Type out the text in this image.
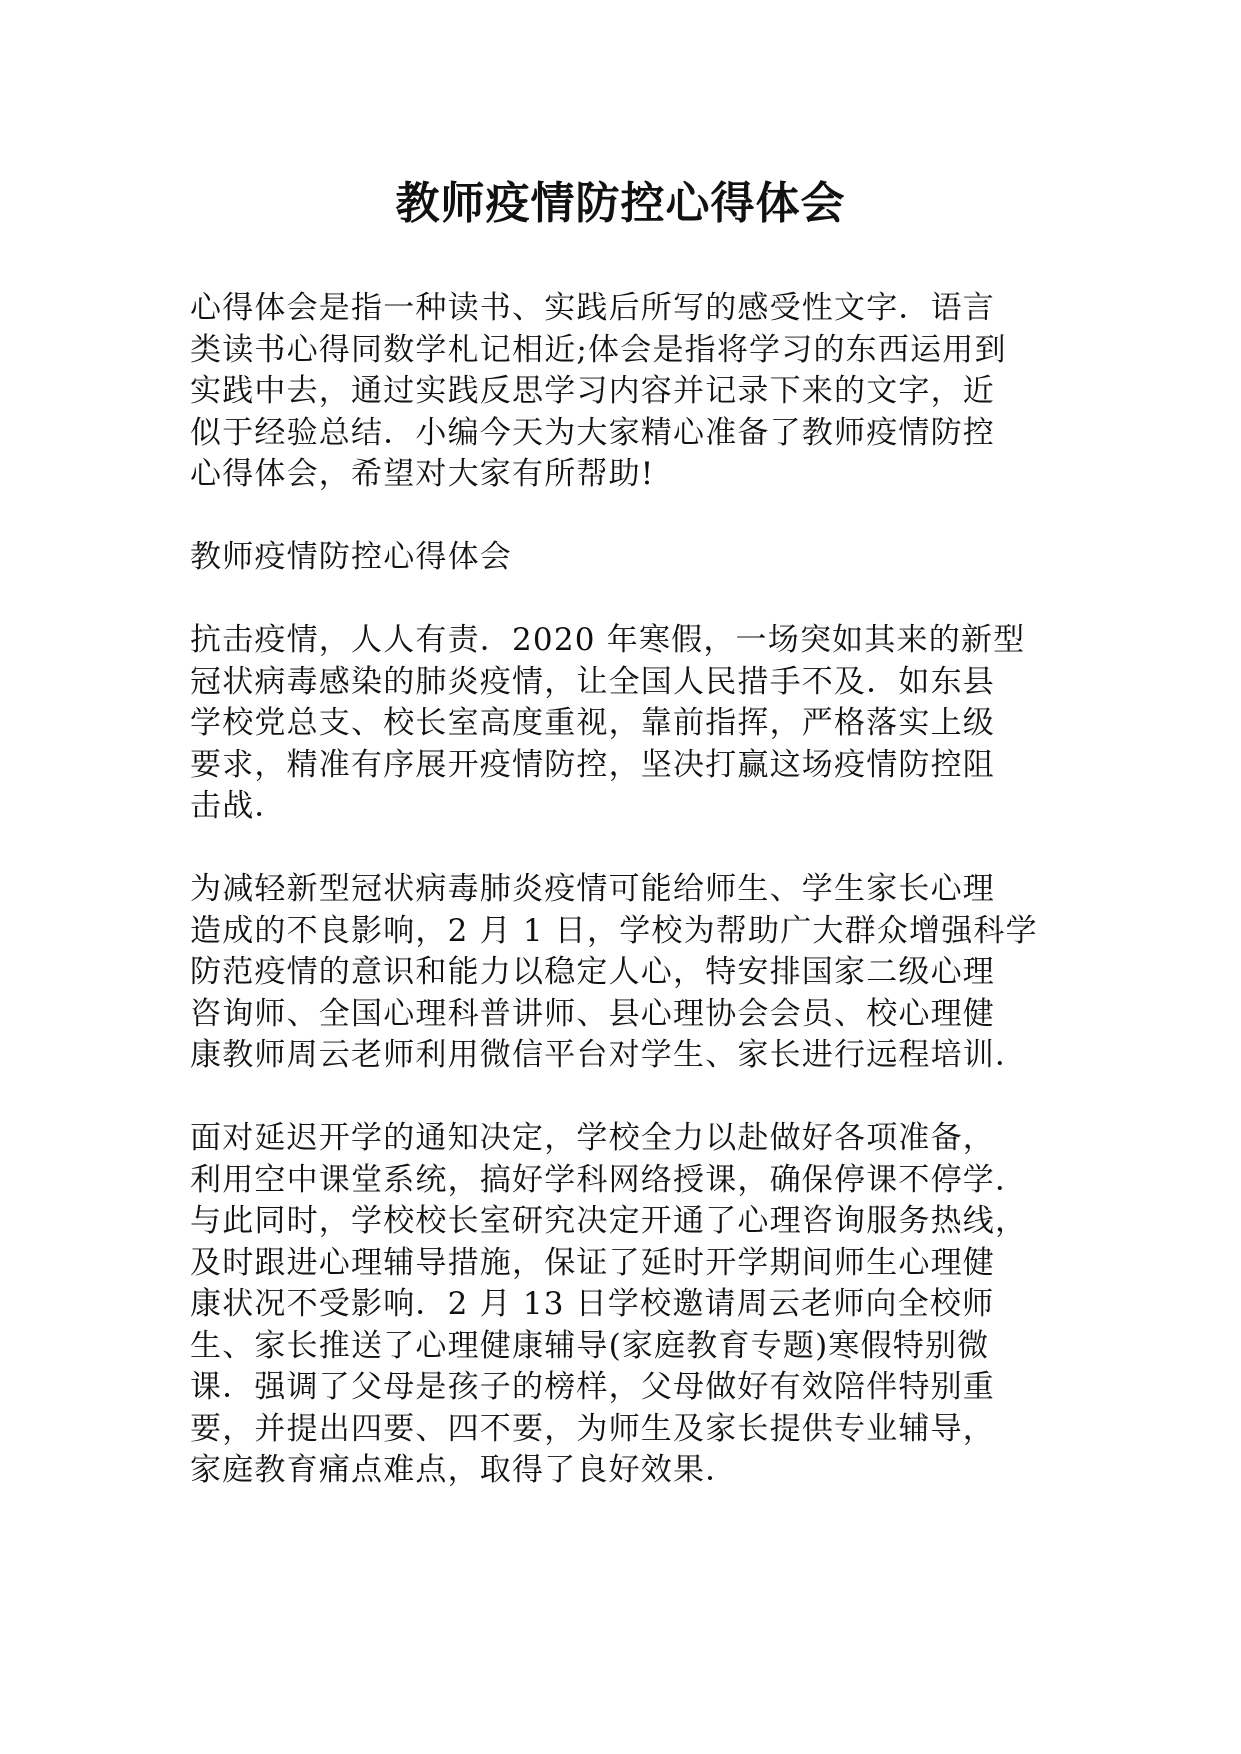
教师疫情防控心得体会

心得体会是指一种读书、实践后所写的感受性文字．语言
类读书心得同数学札记相近;体会是指将学习的东西运用到
实践中去，通过实践反思学习内容并记录下来的文字，近
似于经验总结．小编今天为大家精心准备了教师疫情防控
心得体会，希望对大家有所帮助!

教师疫情防控心得体会

抗击疫情，人人有责．2020 年寒假，一场突如其来的新型
冠状病毒感染的肺炎疫情，让全国人民措手不及．如东县
学校党总支、校长室高度重视，靠前指挥，严格落实上级
要求，精准有序展开疫情防控，坚决打赢这场疫情防控阻
击战．

为减轻新型冠状病毒肺炎疫情可能给师生、学生家长心理
造成的不良影响，2 月 1 日，学校为帮助广大群众增强科学
防范疫情的意识和能力以稳定人心，特安排国家二级心理
咨询师、全国心理科普讲师、县心理协会会员、校心理健
康教师周云老师利用微信平台对学生、家长进行远程培训．

面对延迟开学的通知决定，学校全力以赴做好各项准备，
利用空中课堂系统，搞好学科网络授课，确保停课不停学．
与此同时，学校校长室研究决定开通了心理咨询服务热线，
及时跟进心理辅导措施，保证了延时开学期间师生心理健
康状况不受影响．2 月 13 日学校邀请周云老师向全校师
生、家长推送了心理健康辅导(家庭教育专题)寒假特别微
课．强调了父母是孩子的榜样，父母做好有效陪伴特别重
要，并提出四要、四不要，为师生及家长提供专业辅导，
家庭教育痛点难点，取得了良好效果．
